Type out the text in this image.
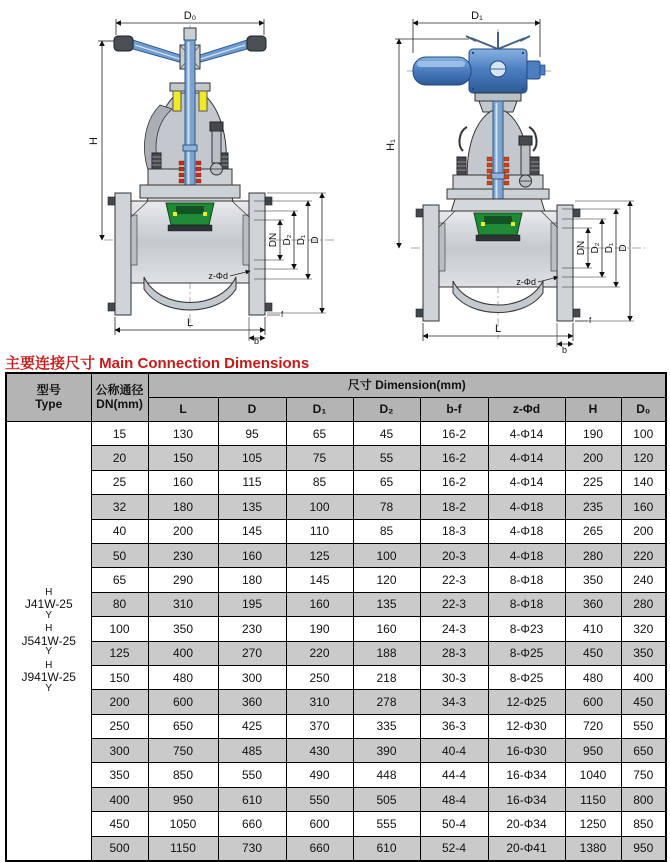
D₀
H
DN D₂ D₁ D
z-Φd
L
b
f
D₁
H₁
DN D₂ D₁ D
z-Φd
L
b
f
主要连接尺寸 Main Connection Dimensions
型号
Type	公称通径
DN(mm)	尺寸 Dimension(mm)							
		L	D	D₁	D₂	b-f	z-Φd	H	D₀

H
J41W-25
Y
H
J541W-25
Y
H
J941W-25
Y
	15	130	95	65	45	16-2	4-Φ14	190	100
	20	150	105	75	55	16-2	4-Φ14	200	120
	25	160	115	85	65	16-2	4-Φ14	225	140
	32	180	135	100	78	18-2	4-Φ18	235	160
	40	200	145	110	85	18-3	4-Φ18	265	200
	50	230	160	125	100	20-3	4-Φ18	280	220
	65	290	180	145	120	22-3	8-Φ18	350	240
	80	310	195	160	135	22-3	8-Φ18	360	280
	100	350	230	190	160	24-3	8-Φ23	410	320
	125	400	270	220	188	28-3	8-Φ25	450	350
	150	480	300	250	218	30-3	8-Φ25	480	400
	200	600	360	310	278	34-3	12-Φ25	600	450
	250	650	425	370	335	36-3	12-Φ30	720	550
	300	750	485	430	390	40-4	16-Φ30	950	650
	350	850	550	490	448	44-4	16-Φ34	1040	750
	400	950	610	550	505	48-4	16-Φ34	1150	800
	450	1050	660	600	555	50-4	20-Φ34	1250	850
	500	1150	730	660	610	52-4	20-Φ41	1380	950
